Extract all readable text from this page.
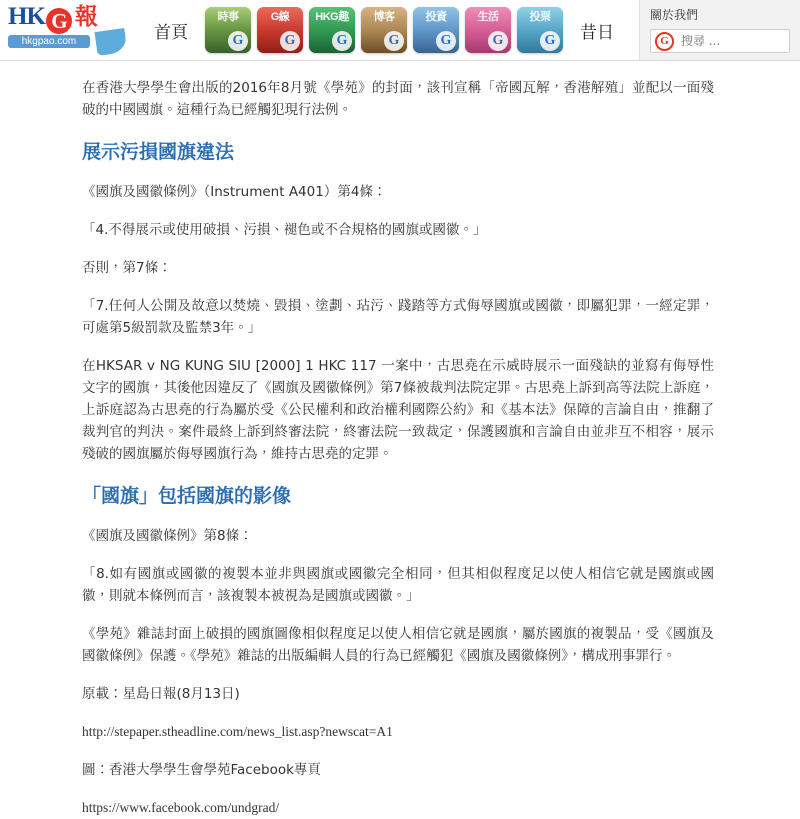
HK G 報
hkgpao.com	首頁
時事
G
G線
G
HKG趣
G
博客
G
投資
G
生活
G
投票
G 昔日
關於我們
G
搜尋 ...

在香港大學學生會出版的2016年8月號《學苑》的封面，該刊宣稱「帝國瓦解，香港解殖」並配以一面殘破的中國國旗。這種行為已經觸犯現行法例。

展示污損國旗違法

《國旗及國徽條例》（Instrument A401）第4條：

「4.不得展示或使用破損、污損、褪色或不合規格的國旗或國徽。」

否則，第7條：

「7.任何人公開及故意以焚燒、毀損、塗劃、玷污、踐踏等方式侮辱國旗或國徽，即屬犯罪，一經定罪，可處第5級罰款及監禁3年。」

在HKSAR v NG KUNG SIU [2000] 1 HKC 117 一案中，古思堯在示威時展示一面殘缺的並寫有侮辱性文字的國旗，其後他因違反了《國旗及國徽條例》第7條被裁判法院定罪。古思堯上訴到高等法院上訴庭，上訴庭認為古思堯的行為屬於受《公民權利和政治權利國際公約》和《基本法》保障的言論自由，推翻了裁判官的判決。案件最終上訴到終審法院，終審法院一致裁定，保護國旗和言論自由並非互不相容，展示殘破的國旗屬於侮辱國旗行為，維持古思堯的定罪。

「國旗」包括國旗的影像

《國旗及國徽條例》第8條：

「8.如有國旗或國徽的複製本並非與國旗或國徽完全相同，但其相似程度足以使人相信它就是國旗或國徽，則就本條例而言，該複製本被視為是國旗或國徽。」

《學苑》雜誌封面上破損的國旗圖像相似程度足以使人相信它就是國旗，屬於國旗的複製品，受《國旗及國徽條例》保護。《學苑》雜誌的出版編輯人員的行為已經觸犯《國旗及國徽條例》，構成刑事罪行。

原載：星島日報(8月13日)
http://stepaper.stheadline.com/news_list.asp?newscat=A1
圖：香港大學學生會學苑Facebook專頁
https://www.facebook.com/undgrad/
